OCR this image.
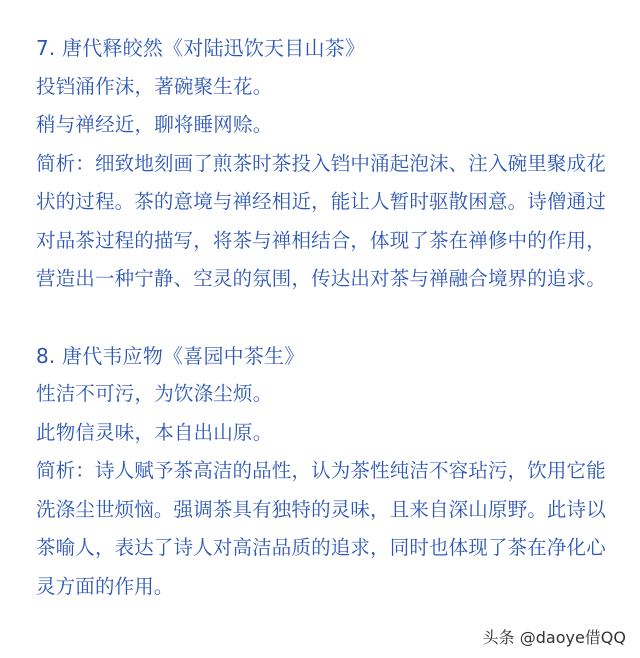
7. 唐代释皎然《对陆迅饮天目山茶》
投铛涌作沫，著碗聚生花。
稍与禅经近，聊将睡网赊。
简析：细致地刻画了煎茶时茶投入铛中涌起泡沫、注入碗里聚成花状的过程。茶的意境与禅经相近，能让人暂时驱散困意。诗僧通过对品茶过程的描写，将茶与禅相结合，体现了茶在禅修中的作用，营造出一种宁静、空灵的氛围，传达出对茶与禅融合境界的追求。
8. 唐代韦应物《喜园中茶生》
性洁不可污，为饮涤尘烦。
此物信灵味，本自出山原。
简析：诗人赋予茶高洁的品性，认为茶性纯洁不容玷污，饮用它能洗涤尘世烦恼。强调茶具有独特的灵味，且来自深山原野。此诗以茶喻人，表达了诗人对高洁品质的追求，同时也体现了茶在净化心灵方面的作用。
头条 @daoye借QQ
